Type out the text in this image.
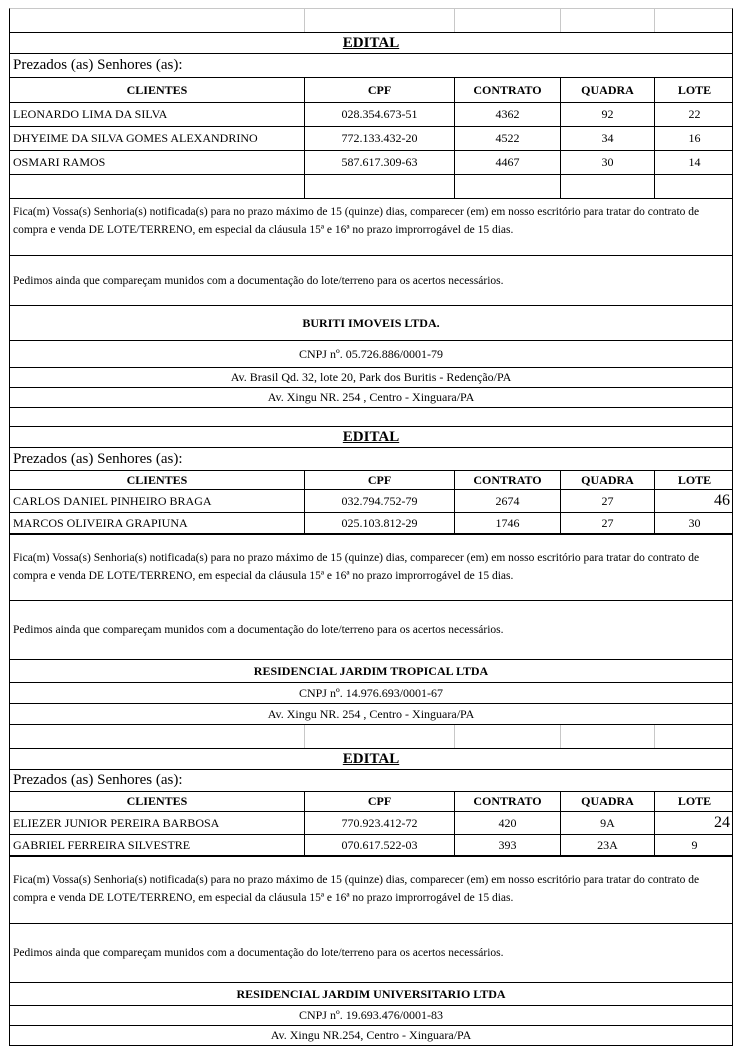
EDITAL
Prezados (as) Senhores (as):
CLIENTES	CPF	CONTRATO	QUADRA	LOTE
LEONARDO LIMA DA SILVA	028.354.673-51	4362	92	22
DHYEIME DA SILVA GOMES ALEXANDRINO	772.133.432-20	4522	34	16
OSMARI RAMOS	587.617.309-63	4467	30	14
Fica(m) Vossa(s) Senhoria(s) notificada(s) para no prazo máximo de 15 (quinze) dias, comparecer (em) em nosso escritório para tratar do contrato de compra e venda DE LOTE/TERRENO, em especial da cláusula 15ª e 16ª no prazo improrrogável de 15 dias.
Pedimos ainda que compareçam munidos com a documentação do lote/terreno para os acertos necessários.
BURITI IMOVEIS LTDA.
CNPJ nº. 05.726.886/0001-79
Av. Brasil Qd. 32, lote 20, Park dos Buritis - Redenção/PA
Av. Xingu NR. 254 , Centro - Xinguara/PA
EDITAL
Prezados (as) Senhores (as):
CLIENTES	CPF	CONTRATO	QUADRA	LOTE
CARLOS DANIEL PINHEIRO BRAGA	032.794.752-79	2674	27	46
MARCOS OLIVEIRA GRAPIUNA	025.103.812-29	1746	27	30
Fica(m) Vossa(s) Senhoria(s) notificada(s) para no prazo máximo de 15 (quinze) dias, comparecer (em) em nosso escritório para tratar do contrato de compra e venda DE LOTE/TERRENO, em especial da cláusula 15ª e 16ª no prazo improrrogável de 15 dias.
Pedimos ainda que compareçam munidos com a documentação do lote/terreno para os acertos necessários.
RESIDENCIAL JARDIM TROPICAL LTDA
CNPJ nº. 14.976.693/0001-67
Av. Xingu NR. 254 , Centro - Xinguara/PA
EDITAL
Prezados (as) Senhores (as):
CLIENTES	CPF	CONTRATO	QUADRA	LOTE
ELIEZER JUNIOR PEREIRA BARBOSA	770.923.412-72	420	9A	24
GABRIEL FERREIRA SILVESTRE	070.617.522-03	393	23A	9
Fica(m) Vossa(s) Senhoria(s) notificada(s) para no prazo máximo de 15 (quinze) dias, comparecer (em) em nosso escritório para tratar do contrato de compra e venda DE LOTE/TERRENO, em especial da cláusula 15ª e 16ª no prazo improrrogável de 15 dias.
Pedimos ainda que compareçam munidos com a documentação do lote/terreno para os acertos necessários.
RESIDENCIAL JARDIM UNIVERSITARIO LTDA
CNPJ nº. 19.693.476/0001-83
Av. Xingu NR.254, Centro - Xinguara/PA
